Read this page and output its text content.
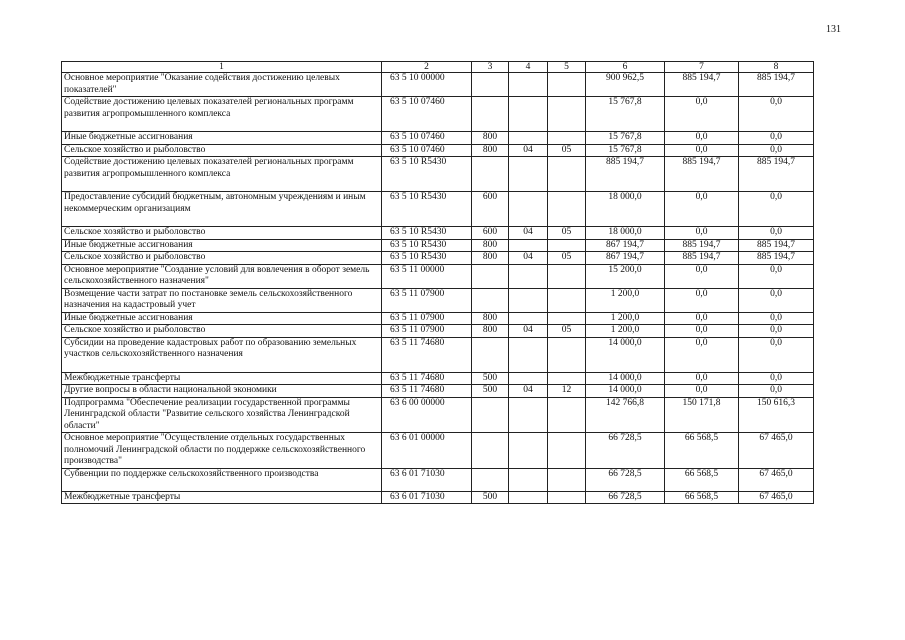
131
1	2	3	4	5	6	7	8
Основное мероприятие "Оказание содействия достижению целевых показателей"	63 5 10 00000				900 962,5	885 194,7	885 194,7
Содействие достижению целевых показателей региональных программ развития агропромышленного комплекса	63 5 10 07460				15 767,8	0,0	0,0
Иные бюджетные ассигнования	63 5 10 07460	800			15 767,8	0,0	0,0
Сельское хозяйство и рыболовство	63 5 10 07460	800	04	05	15 767,8	0,0	0,0
Содействие достижению целевых показателей региональных программ развития агропромышленного комплекса	63 5 10 R5430				885 194,7	885 194,7	885 194,7
Предоставление субсидий бюджетным, автономным учреждениям и иным некоммерческим организациям	63 5 10 R5430	600			18 000,0	0,0	0,0
Сельское хозяйство и рыболовство	63 5 10 R5430	600	04	05	18 000,0	0,0	0,0
Иные бюджетные ассигнования	63 5 10 R5430	800			867 194,7	885 194,7	885 194,7
Сельское хозяйство и рыболовство	63 5 10 R5430	800	04	05	867 194,7	885 194,7	885 194,7
Основное мероприятие "Создание условий для вовлечения в оборот земель сельскохозяйственного назначения"	63 5 11 00000				15 200,0	0,0	0,0
Возмещение части затрат по постановке земель сельскохозяйственного назначения на кадастровый учет	63 5 11 07900				1 200,0	0,0	0,0
Иные бюджетные ассигнования	63 5 11 07900	800			1 200,0	0,0	0,0
Сельское хозяйство и рыболовство	63 5 11 07900	800	04	05	1 200,0	0,0	0,0
Субсидии на проведение кадастровых работ по образованию земельных участков сельскохозяйственного назначения	63 5 11 74680				14 000,0	0,0	0,0
Межбюджетные трансферты	63 5 11 74680	500			14 000,0	0,0	0,0
Другие вопросы в области национальной экономики	63 5 11 74680	500	04	12	14 000,0	0,0	0,0
Подпрограмма "Обеспечение реализации государственной программы Ленинградской области "Развитие сельского хозяйства Ленинградской области"	63 6 00 00000				142 766,8	150 171,8	150 616,3
Основное мероприятие "Осуществление отдельных государственных полномочий Ленинградской области по поддержке сельскохозяйственного производства"	63 6 01 00000				66 728,5	66 568,5	67 465,0
Субвенции по поддержке сельскохозяйственного производства	63 6 01 71030				66 728,5	66 568,5	67 465,0
Межбюджетные трансферты	63 6 01 71030	500			66 728,5	66 568,5	67 465,0
